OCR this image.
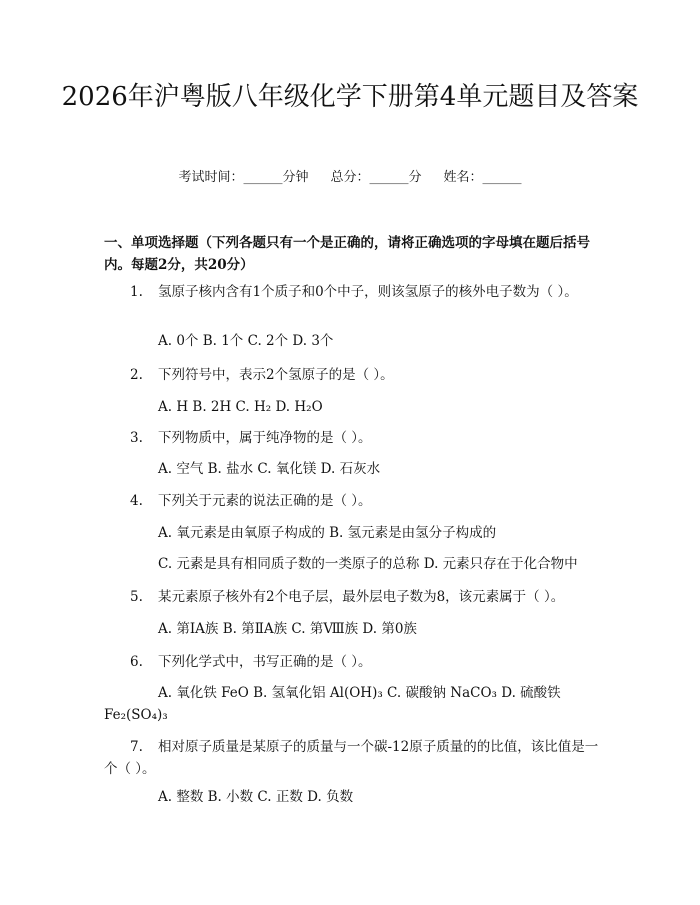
2026年沪粤版八年级化学下册第4单元题目及答案
考试时间：______分钟 总分：______分 姓名：______
一、单项选择题（下列各题只有一个是正确的，请将正确选项的字母填在题后括号内。每题2分，共20分）
1. 氢原子核内含有1个质子和0个中子，则该氢原子的核外电子数为（ ）。
A. 0个 B. 1个 C. 2个 D. 3个
2. 下列符号中，表示2个氢原子的是（ ）。
A. H B. 2H C. H₂ D. H₂O
3. 下列物质中，属于纯净物的是（ ）。
A. 空气 B. 盐水 C. 氧化镁 D. 石灰水
4. 下列关于元素的说法正确的是（ ）。
A. 氧元素是由氧原子构成的 B. 氢元素是由氢分子构成的
C. 元素是具有相同质子数的一类原子的总称 D. 元素只存在于化合物中
5. 某元素原子核外有2个电子层，最外层电子数为8，该元素属于（ ）。
A. 第ⅠA族 B. 第ⅡA族 C. 第Ⅷ族 D. 第0族
6. 下列化学式中，书写正确的是（ ）。
A. 氧化铁 FeO B. 氢氧化铝 Al(OH)₃ C. 碳酸钠 NaCO₃ D. 硫酸铁 Fe₂(SO₄)₃
7. 相对原子质量是某原子的质量与一个碳-12原子质量的的比值，该比值是一个（ ）。
A. 整数 B. 小数 C. 正数 D. 负数
